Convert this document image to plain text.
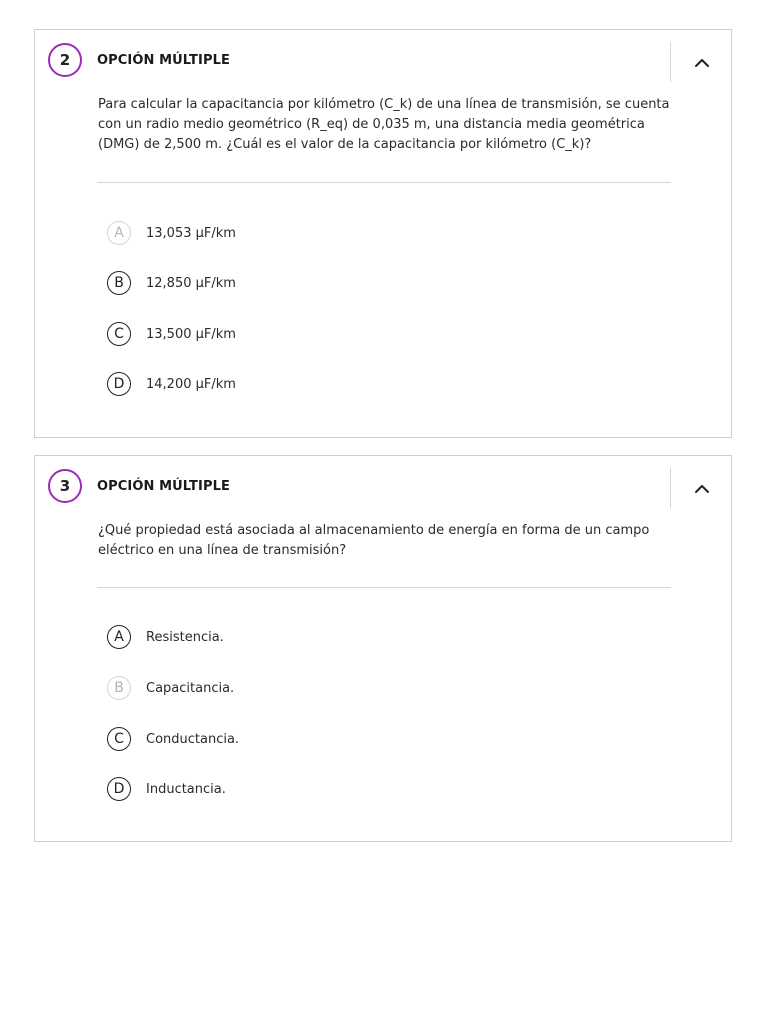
2	OPCIÓN MÚLTIPLE
Para calcular la capacitancia por kilómetro (C_k) de una línea de transmisión, se cuenta con un radio medio geométrico (R_eq) de 0,035 m, una distancia media geométrica (DMG) de 2,500 m. ¿Cuál es el valor de la capacitancia por kilómetro (C_k)?
A	13,053 μF/km
B	12,850 μF/km
C	13,500 μF/km
D	14,200 μF/km
3	OPCIÓN MÚLTIPLE
¿Qué propiedad está asociada al almacenamiento de energía en forma de un campo eléctrico en una línea de transmisión?
A	Resistencia.
B	Capacitancia.
C	Conductancia.
D	Inductancia.
